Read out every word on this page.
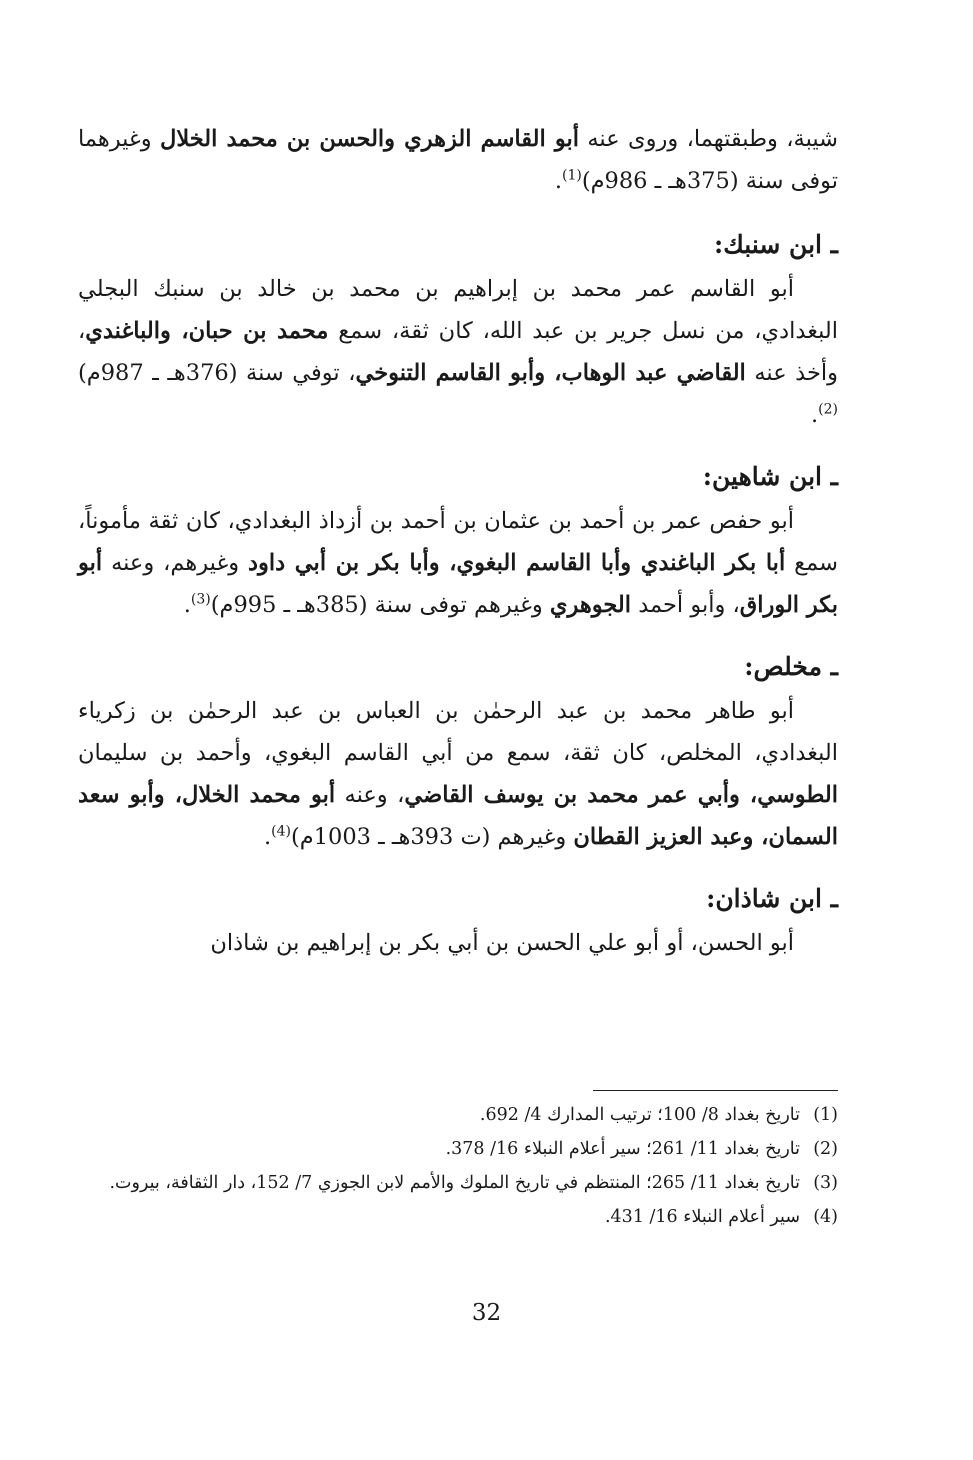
شيبة، وطبقتهما، وروى عنه أبو القاسم الزهري والحسن بن محمد الخلال وغيرهما توفى سنة (375هـ ـ 986م)$^{(1)}$.

ـ ابن سنبك:

أبو القاسم عمر محمد بن إبراهيم بن محمد بن خالد بن سنبك البجلي البغدادي، من نسل جرير بن عبد الله، كان ثقة، سمع محمد بن حبان، والباغندي، وأخذ عنه القاضي عبد الوهاب، وأبو القاسم التنوخي، توفي سنة (376هـ ـ 987م)$^{(2)}$.

ـ ابن شاهين:

أبو حفص عمر بن أحمد بن عثمان بن أحمد بن أزداذ البغدادي، كان ثقة مأموناً، سمع أبا بكر الباغندي وأبا القاسم البغوي، وأبا بكر بن أبي داود وغيرهم، وعنه أبو بكر الوراق، وأبو أحمد الجوهري وغيرهم توفى سنة (385هـ ـ 995م)$^{(3)}$.

ـ مخلص:

أبو طاهر محمد بن عبد الرحمٰن بن العباس بن عبد الرحمٰن بن زكرياء البغدادي، المخلص، كان ثقة، سمع من أبي القاسم البغوي، وأحمد بن سليمان الطوسي، وأبي عمر محمد بن يوسف القاضي، وعنه أبو محمد الخلال، وأبو سعد السمان، وعبد العزيز القطان وغيرهم (ت 393هـ ـ 1003م)$^{(4)}$.

ـ ابن شاذان:

أبو الحسن، أو أبو علي الحسن بن أبي بكر بن إبراهيم بن شاذان

(1)
تاريخ بغداد 8/ 100؛ ترتيب المدارك 4/ 692.
(2)
تاريخ بغداد 11/ 261؛ سير أعلام النبلاء 16/ 378.
(3)
تاريخ بغداد 11/ 265؛ المنتظم في تاريخ الملوك والأمم لابن الجوزي 7/ 152، دار الثقافة، بيروت.
(4)
سير أعلام النبلاء 16/ 431.
32
